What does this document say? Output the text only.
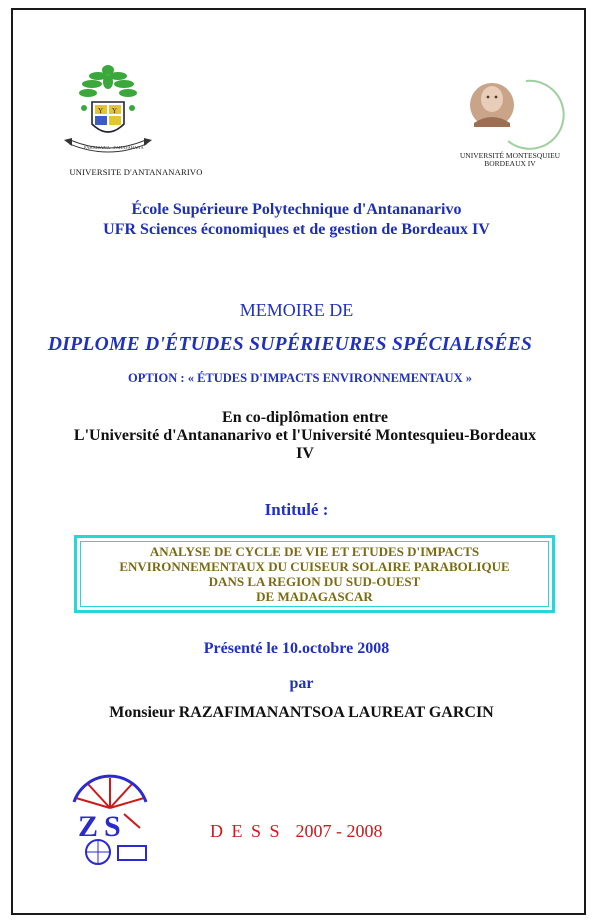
Y Y
FAHAIZANA · FAHAFAHANA
UNIVERSITE D'ANTANANARIVO
UNIVERSITÉ MONTESQUIEU
BORDEAUX IV
École Supérieure Polytechnique d'Antananarivo
UFR Sciences économiques et de gestion de Bordeaux IV
MEMOIRE DE
DIPLOME D'ÉTUDES SUPÉRIEURES SPÉCIALISÉES
OPTION : « ÉTUDES D'IMPACTS ENVIRONNEMENTAUX »
En co-diplômation entre
L'Université d'Antananarivo et l'Université Montesquieu-Bordeaux
IV
Intitulé :
ANALYSE DE CYCLE DE VIE ET ETUDES D'IMPACTS
ENVIRONNEMENTAUX DU CUISEUR SOLAIRE PARABOLIQUE
DANS LA REGION DU SUD-OUEST
DE MADAGASCAR
Présenté le 10.octobre 2008
par
Monsieur RAZAFIMANANTSOA LAUREAT GARCIN
Z S	D E S S 2007 - 2008
